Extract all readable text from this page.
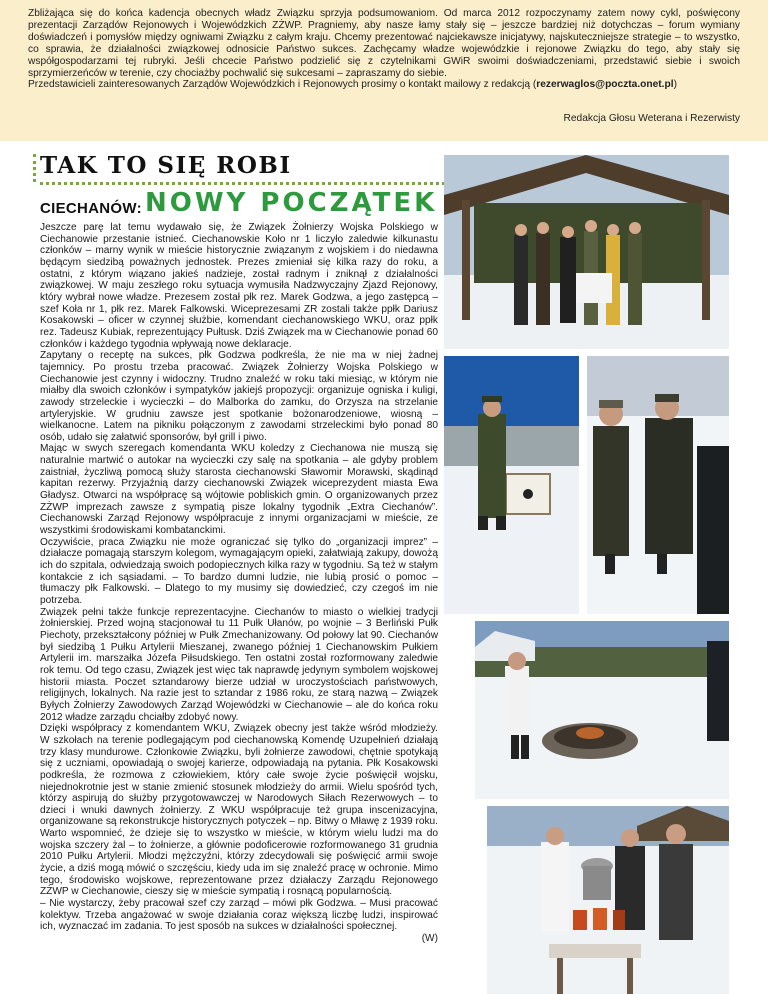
Zbliżająca się do końca kadencja obecnych władz Związku sprzyja podsumowaniom. Od marca 2012 rozpoczynamy zatem nowy cykl, poświęcony prezentacji Zarządów Rejonowych i Wojewódzkich ZŻWP. Pragniemy, aby nasze łamy stały się – jeszcze bardziej niż dotychczas – forum wymiany doświadczeń i pomysłów między ogniwami Związku z całym kraju. Chcemy prezentować najciekawsze inicjatywy, najskuteczniejsze strategie – to wszystko, co sprawia, że działalności związkowej odnosicie Państwo sukces. Zachęcamy władze wojewódzkie i rejonowe Związku do tego, aby stały się współgospodarzami tej rubryki. Jeśli chcecie Państwo podzielić się z czytelnikami GWiR swoimi doświadczeniami, przedstawić siebie i swoich sprzymierzeńców w terenie, czy chociażby pochwalić się sukcesami – zapraszamy do siebie.

Przedstawicieli zainteresowanych Zarządów Wojewódzkich i Rejonowych prosimy o kontakt mailowy z redakcją (rezerwaglos@poczta.onet.pl)

Redakcja Głosu Weterana i Rezerwisty
TAK TO SIĘ ROBI
CIECHANÓW: NOWY POCZĄTEK

Jeszcze parę lat temu wydawało się, że Związek Żołnierzy Wojska Polskiego w Ciechanowie przestanie istnieć. Ciechanowskie Koło nr 1 liczyło zaledwie kilkunastu członków – marny wynik w mieście historycznie związanym z wojskiem i do niedawna będącym siedzibą poważnych jednostek. Prezes zmieniał się kilka razy do roku, a ostatni, z którym wiązano jakieś nadzieje, został radnym i zniknął z działalności związkowej. W maju zeszłego roku sytuacja wymusiła Nadzwyczajny Zjazd Rejonowy, który wybrał nowe władze. Prezesem został płk rez. Marek Godzwa, a jego zastępcą – szef Koła nr 1, płk rez. Marek Falkowski. Wiceprezesami ZR zostali także ppłk Dariusz Kosakowski – oficer w czynnej służbie, komendant ciechanowskiego WKU, oraz ppłk rez. Tadeusz Kubiak, reprezentujący Pułtusk. Dziś Związek ma w Ciechanowie ponad 60 członków i każdego tygodnia wpływają nowe deklaracje.

Zapytany o receptę na sukces, płk Godzwa podkreśla, że nie ma w niej żadnej tajemnicy. Po prostu trzeba pracować. Związek Żołnierzy Wojska Polskiego w Ciechanowie jest czynny i widoczny. Trudno znaleźć w roku taki miesiąc, w którym nie miałby dla swoich członków i sympatyków jakiejś propozycji: organizuje ogniska i kuligi, zawody strzeleckie i wycieczki – do Malborka do zamku, do Orzysza na strzelanie artyleryjskie. W grudniu zawsze jest spotkanie bożonarodzeniowe, wiosną – wielkanocne. Latem na pikniku połączonym z zawodami strzeleckimi było ponad 80 osób, udało się załatwić sponsorów, był grill i piwo.

Mając w swych szeregach komendanta WKU koledzy z Ciechanowa nie muszą się naturalnie martwić o autokar na wycieczki czy salę na spotkania – ale gdyby problem zaistniał, życzliwą pomocą służy starosta ciechanowski Sławomir Morawski, skądinąd kapitan rezerwy. Przyjaźnią darzy ciechanowski Związek wiceprezydent miasta Ewa Gładysz. Otwarci na współpracę są wójtowie pobliskich gmin. O organizowanych przez ZŻWP imprezach zawsze z sympatią pisze lokalny tygodnik „Extra Ciechanów”. Ciechanowski Zarząd Rejonowy współpracuje z innymi organizacjami w mieście, ze wszystkimi środowiskami kombatanckimi.

Oczywiście, praca Związku nie może ograniczać się tylko do „organizacji imprez” – działacze pomagają starszym kolegom, wymagającym opieki, załatwiają zakupy, dowożą ich do szpitala, odwiedzają swoich podopiecznych kilka razy w tygodniu. Są też w stałym kontakcie z ich sąsiadami. – To bardzo dumni ludzie, nie lubią prosić o pomoc – tłumaczy płk Falkowski. – Dlatego to my musimy się dowiedzieć, czy czegoś im nie potrzeba.

Związek pełni także funkcje reprezentacyjne. Ciechanów to miasto o wielkiej tradycji żołnierskiej. Przed wojną stacjonował tu 11 Pułk Ułanów, po wojnie – 3 Berliński Pułk Piechoty, przekształcony później w Pułk Zmechanizowany. Od połowy lat 90. Ciechanów był siedzibą 1 Pułku Artylerii Mieszanej, zwanego później 1 Ciechanowskim Pułkiem Artylerii im. marszałka Józefa Piłsudskiego. Ten ostatni został rozformowany zaledwie rok temu. Od tego czasu, Związek jest więc tak naprawdę jedynym symbolem wojskowej historii miasta. Poczet sztandarowy bierze udział w uroczystościach państwowych, religijnych, lokalnych. Na razie jest to sztandar z 1986 roku, ze starą nazwą – Związek Byłych Żołnierzy Zawodowych Zarząd Wojewódzki w Ciechanowie – ale do końca roku 2012 władze zarządu chciałby zdobyć nowy.

Dzięki współpracy z komendantem WKU, Związek obecny jest także wśród młodzieży. W szkołach na terenie podlegającym pod ciechanowską Komendę Uzupełnień działają trzy klasy mundurowe. Członkowie Związku, byli żołnierze zawodowi, chętnie spotykają się z uczniami, opowiadają o swojej karierze, odpowiadają na pytania. Płk Kosakowski podkreśla, że rozmowa z człowiekiem, który całe swoje życie poświęcił wojsku, niejednokrotnie jest w stanie zmienić stosunek młodzieży do armii. Wielu spośród tych, którzy aspirują do służby przygotowawczej w Narodowych Siłach Rezerwowych – to dzieci i wnuki dawnych żołnierzy. Z WKU współpracuje też grupa inscenizacyjna, organizowane są rekonstrukcje historycznych potyczek – np. Bitwy o Mławę z 1939 roku. Warto wspomnieć, że dzieje się to wszystko w mieście, w którym wielu ludzi ma do wojska szczery żal – to żołnierze, a głównie podoficerowie rozformowanego 31 grudnia 2010 Pułku Artylerii. Młodzi mężczyźni, którzy zdecydowali się poświęcić armii swoje życie, a dziś mogą mówić o szczęściu, kiedy uda im się znaleźć pracę w ochronie. Mimo tego, środowisko wojskowe, reprezentowane przez działaczy Zarządu Rejonowego ZŻWP w Ciechanowie, cieszy się w mieście sympatią i rosnącą popularnością.

– Nie wystarczy, żeby pracował szef czy zarząd – mówi płk Godzwa. – Musi pracować kolektyw. Trzeba angażować w swoje działania coraz większą liczbę ludzi, inspirować ich, wyznaczać im zadania. To jest sposób na sukces w działalności społecznej.

(W)
